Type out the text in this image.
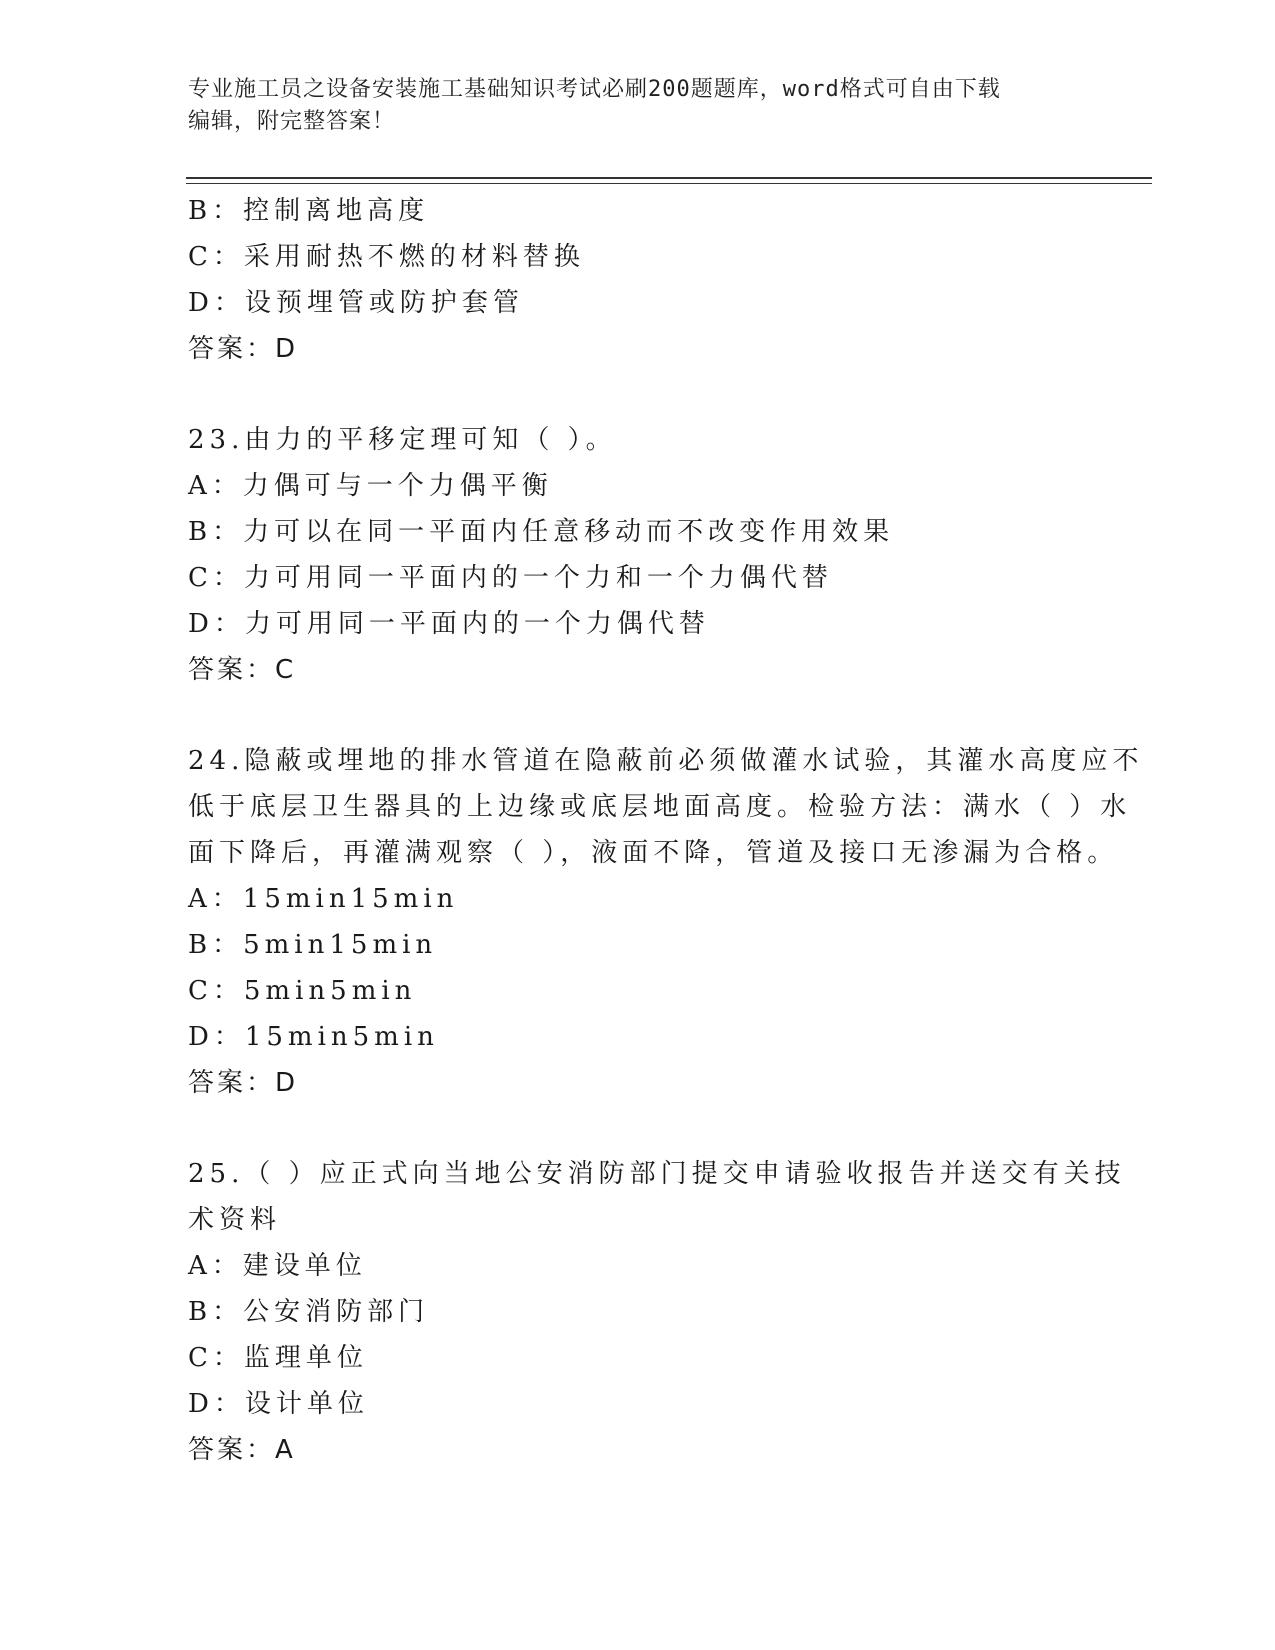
专业施工员之设备安装施工基础知识考试必刷200题题库，word格式可自由下载
编辑，附完整答案！
B：控制离地高度
C：采用耐热不燃的材料替换
D：设预埋管或防护套管
答案：D
23.由力的平移定理可知（ ）。
A：力偶可与一个力偶平衡
B：力可以在同一平面内任意移动而不改变作用效果
C：力可用同一平面内的一个力和一个力偶代替
D：力可用同一平面内的一个力偶代替
答案：C
24.隐蔽或埋地的排水管道在隐蔽前必须做灌水试验，其灌水高度应不
低于底层卫生器具的上边缘或底层地面高度。检验方法：满水（ ）水
面下降后，再灌满观察（ ），液面不降，管道及接口无渗漏为合格。
A：15min15min
B：5min15min
C：5min5min
D：15min5min
答案：D
25.（ ）应正式向当地公安消防部门提交申请验收报告并送交有关技
术资料
A：建设单位
B：公安消防部门
C：监理单位
D：设计单位
答案：A
